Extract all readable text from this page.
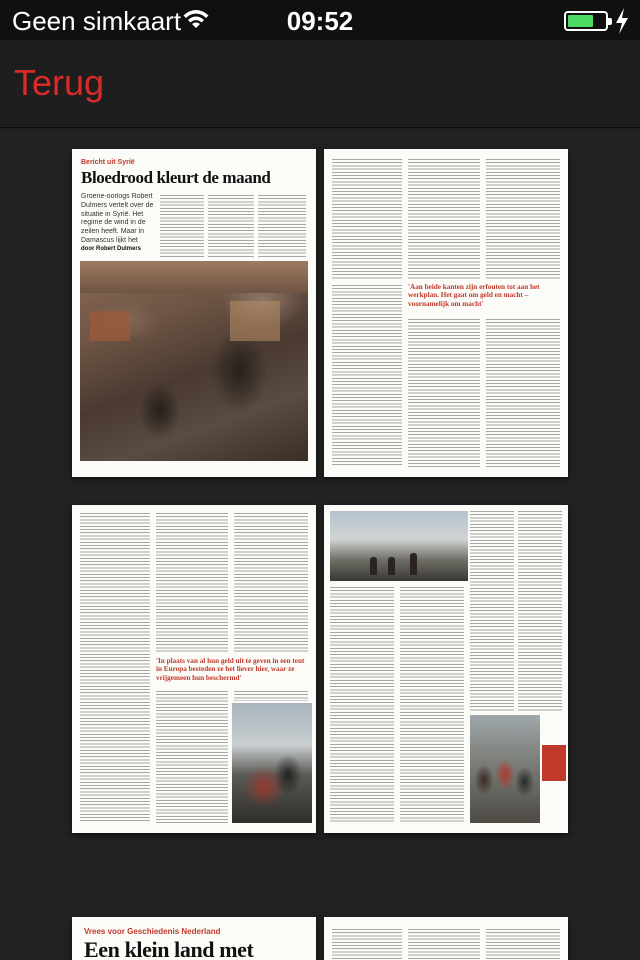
Geen simkaart	09:52
Terug
Bericht uit Syrië
Bloedrood kleurt de maand
Groene-oorlogs Robert Dulmers vertelt over de situatie in Syrië. Het regime de wind in de zeilen heeft. Maar in Damascus lijkt het
door Robert Dulmers
'Aan beide kanten zijn erfouten tot aan het werkplan. Het gaat om geld en macht – voornamelijk om macht'
'In plaats van al hun geld uit te geven in een tent in Europa besteden ze het liever hier, waar ze vrijgemeen hun beschermd'
Vrees voor Geschiedenis Nederland
Een klein land met
